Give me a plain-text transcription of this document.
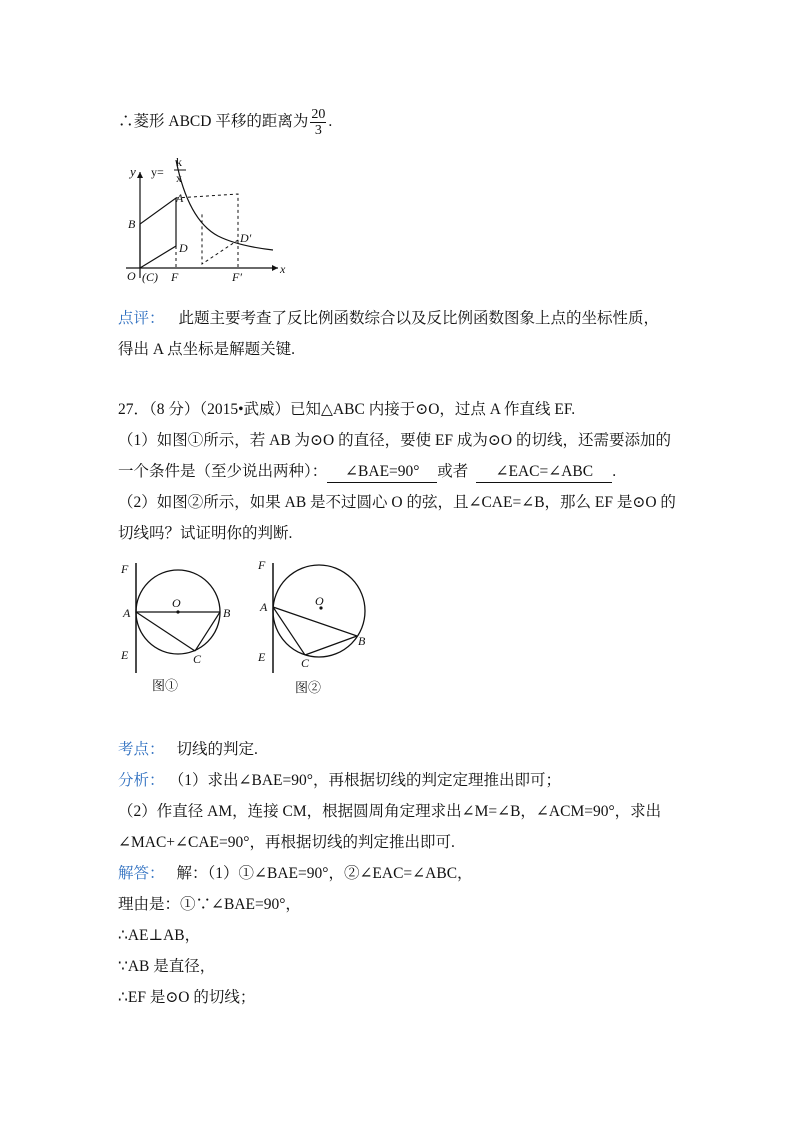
∴菱形 ABCD 平移的距离为 $\frac{20}{3}$ .
y y=
k
x
x
O (C) F	F′
B
A
D
D′
点评： 此题主要考查了反比例函数综合以及反比例函数图象上点的坐标性质，
得出 A 点坐标是解题关键.
27．（8 分）（2015•武威）已知△ABC 内接于⊙O，过点 A 作直线 EF.
（1）如图①所示，若 AB 为⊙O 的直径，要使 EF 成为⊙O 的切线，还需要添加的
一个条件是（至少说出两种）： ∠BAE=90° 或者 ∠EAC=∠ABC .
（2）如图②所示，如果 AB 是不过圆心 O 的弦，且∠CAE=∠B，那么 EF 是⊙O 的
切线吗？试证明你的判断.
F
A
E
O
B
C
图①
F
A
E
O
B
C
图②
考点： 切线的判定.
分析： （1）求出∠BAE=90°，再根据切线的判定定理推出即可；
（2）作直径 AM，连接 CM，根据圆周角定理求出∠M=∠B，∠ACM=90°，求出
∠MAC+∠CAE=90°，再根据切线的判定推出即可.
解答： 解：（1）①∠BAE=90°，②∠EAC=∠ABC，
理由是：①∵∠BAE=90°，
∴AE⊥AB，
∵AB 是直径，
∴EF 是⊙O 的切线；
